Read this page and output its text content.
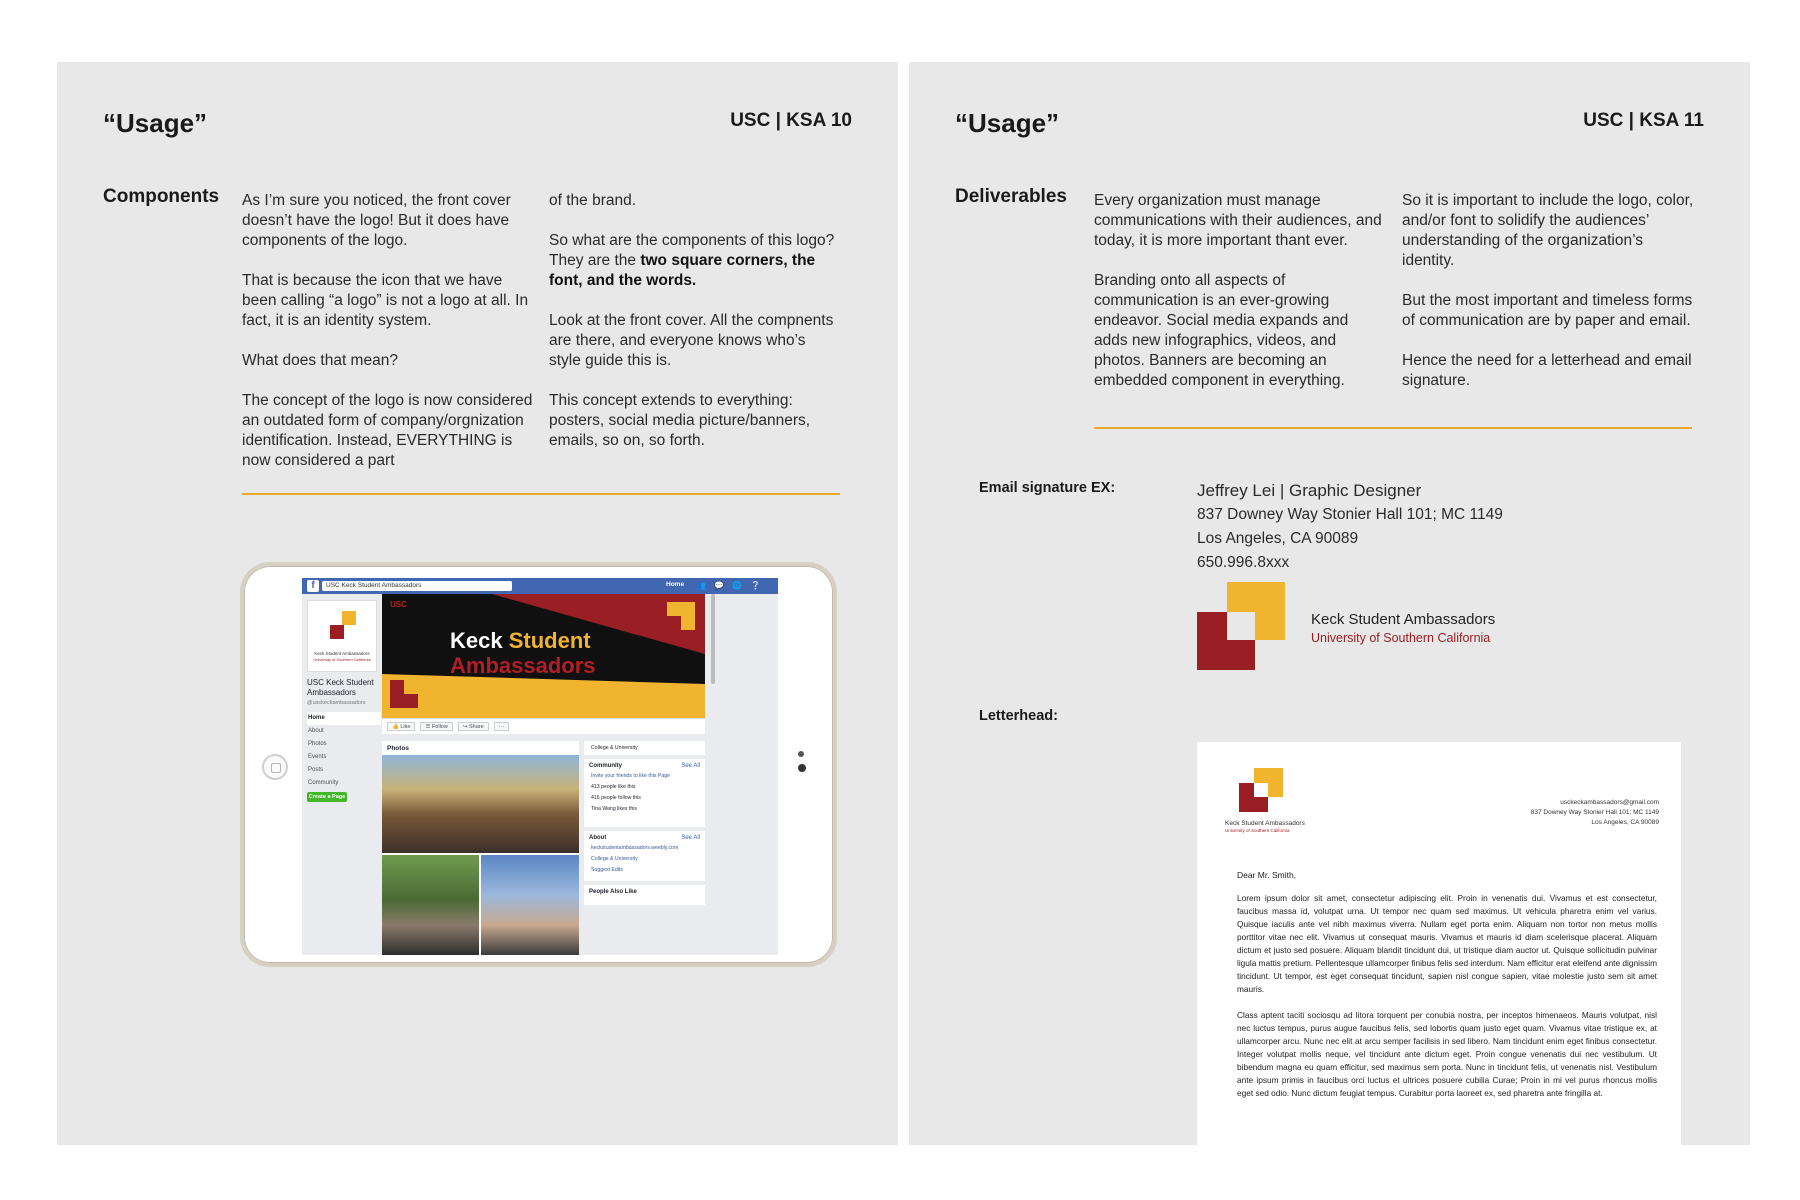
“Usage”	USC | KSA 10
Components As I’m sure you noticed, the front cover doesn’t have the logo! But it does have components of the logo.

That is because the icon that we have been calling “a logo” is not a logo at all. In fact, it is an identity system.

What does that mean?

The concept of the logo is now considered an outdated form of company/orgnization identification. Instead, EVERYTHING is now considered a part

of the brand.

So what are the components of this logo? They are the two square corners, the font, and the words.

Look at the front cover. All the compnents are there, and everyone knows who’s style guide this is.

This concept extends to everything: posters, social media picture/banners, emails, so on, so forth.

f	USC Keck Student Ambassadors	Home 👥 💬 🌐 ❔
Keck Student Ambassadors
University of Southern California
USC Keck Student Ambassadors
@usckeckambassadors
Home
About
Photos
Events
Posts
Community
Create a Page
USC
Keck Student
Ambassadors
👍 Like	☰ Follow	↪ Share	···
Photos	College & University
Community	See All
Invite your friends to like this Page
413 people like this
416 people follow this
Tina Wang likes this
About	See All
keckstudentambassadors.weebly.com
College & University
Suggest Edits
People Also Like
“Usage”	USC | KSA 11
Deliverables Every organization must manage communications with their audiences, and today, it is more important thant ever.

Branding onto all aspects of communication is an ever-growing endeavor. Social media expands and adds new infographics, videos, and photos. Banners are becoming an embedded component in everything.

So it is important to include the logo, color, and/or font to solidify the audiences’ understanding of the organization’s identity.

But the most important and timeless forms of communication are by paper and email.

Hence the need for a letterhead and email signature.

Email signature EX:	Jeffrey Lei | Graphic Designer
837 Downey Way Stonier Hall 101; MC 1149
Los Angeles, CA 90089
650.996.8xxx
Keck Student Ambassadors
University of Southern California
Letterhead:
Keck Student Ambassadors
University of Southern California
usckeckambassadors@gmail.com
837 Downey Way Stonier Hall 101; MC 1149
Los Angeles, CA 90089
Dear Mr. Smith,

Lorem ipsum dolor sit amet, consectetur adipiscing elit. Proin in venenatis dui. Vivamus et est consectetur, faucibus massa id, volutpat urna. Ut tempor nec quam sed maximus. Ut vehicula pharetra enim vel varius. Quisque iaculis ante vel nibh maximus viverra. Nullam eget porta enim. Aliquam non tortor non metus mollis porttitor vitae nec elit. Vivamus ut consequat mauris. Vivamus et mauris id diam scelerisque placerat. Aliquam dictum et justo sed posuere. Aliquam blandit tincidunt dui, ut tristique diam auctor ut. Quisque sollicitudin pulvinar ligula mattis pretium. Pellentesque ullamcorper finibus felis sed interdum. Nam efficitur erat eleifend ante dignissim tincidunt. Ut tempor, est eget consequat tincidunt, sapien nisl congue sapien, vitae molestie justo sem sit amet mauris.

Class aptent taciti sociosqu ad litora torquent per conubia nostra, per inceptos himenaeos. Mauris volutpat, nisl nec luctus tempus, purus augue faucibus felis, sed lobortis quam justo eget quam. Vivamus vitae tristique ex, at ullamcorper arcu. Nunc nec elit at arcu semper facilisis in sed libero. Nam tincidunt enim eget finibus consectetur. Integer volutpat mollis neque, vel tincidunt ante dictum eget. Proin congue venenatis dui nec vestibulum. Ut bibendum magna eu quam efficitur, sed maximus sem porta. Nunc in tincidunt felis, ut venenatis nisl. Vestibulum ante ipsum primis in faucibus orci luctus et ultrices posuere cubilia Curae; Proin in mi vel purus rhoncus mollis eget sed odio. Nunc dictum feugiat tempus. Curabitur porta laoreet ex, sed pharetra ante fringilla at.
